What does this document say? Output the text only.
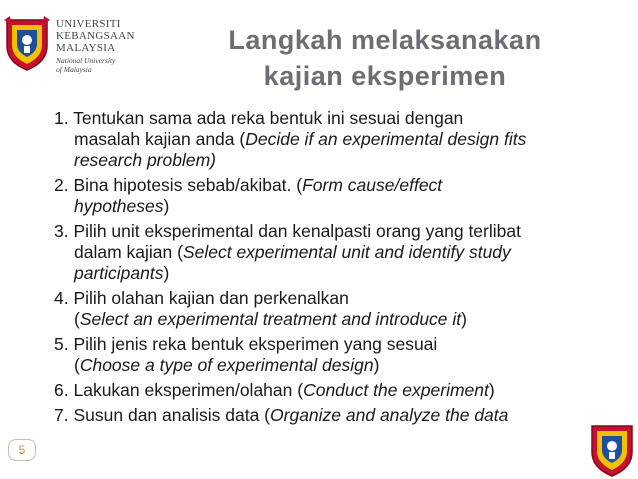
UNIVERSITI
KEBANGSAAN
MALAYSIA
National University
of Malaysia
Langkah melaksanakan
kajian eksperimen
1. Tentukan sama ada reka bentuk ini sesuai dengan
masalah kajian anda (Decide if an experimental design fits
research problem)
2. Bina hipotesis sebab/akibat. (Form cause/effect
hypotheses)
3. Pilih unit eksperimental dan kenalpasti orang yang terlibat
dalam kajian (Select experimental unit and identify study
participants)
4. Pilih olahan kajian dan perkenalkan
(Select an experimental treatment and introduce it)
5. Pilih jenis reka bentuk eksperimen yang sesuai
(Choose a type of experimental design)
6. Lakukan eksperimen/olahan (Conduct the experiment)
7. Susun dan analisis data (Organize and analyze the data
5
